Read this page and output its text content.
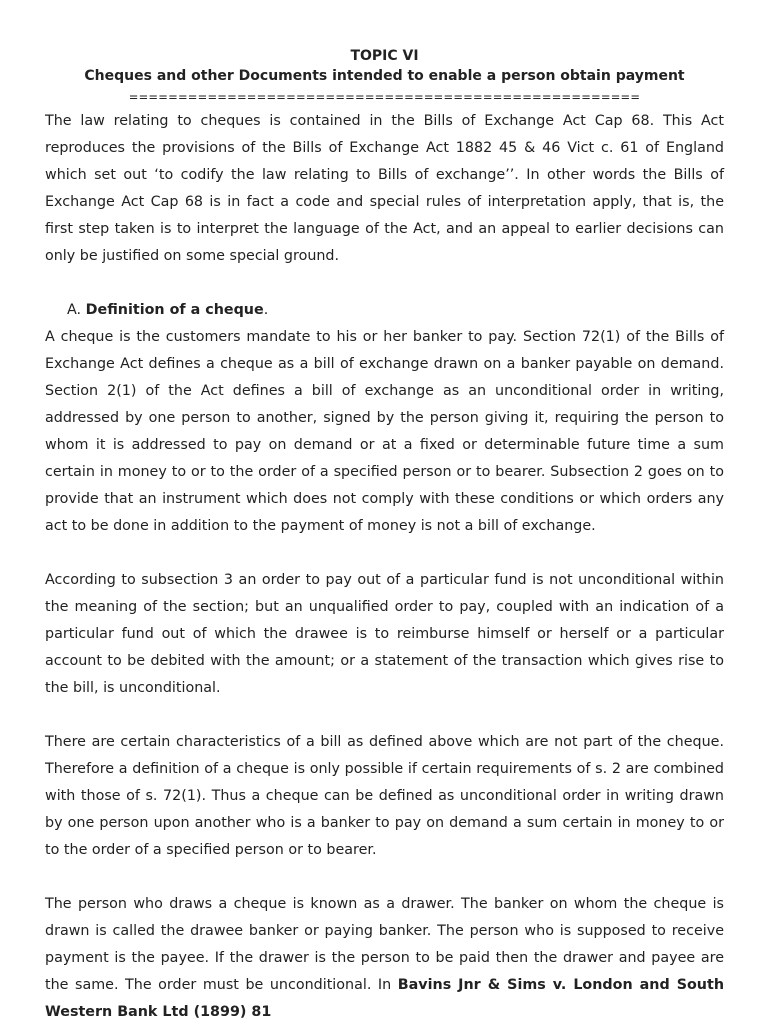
TOPIC VI
Cheques and other Documents intended to enable a person obtain payment
====================================================

The law relating to cheques is contained in the Bills of Exchange Act Cap 68. This Act reproduces the provisions of the Bills of Exchange Act 1882 45 & 46 Vict c. 61 of England which set out ‘to codify the law relating to Bills of exchange’’. In other words the Bills of Exchange Act Cap 68 is in fact a code and special rules of interpretation apply, that is, the first step taken is to interpret the language of the Act, and an appeal to earlier decisions can only be justified on some special ground.

A. Definition of a cheque.

A cheque is the customers mandate to his or her banker to pay. Section 72(1) of the Bills of Exchange Act defines a cheque as a bill of exchange drawn on a banker payable on demand. Section 2(1) of the Act defines a bill of exchange as an unconditional order in writing, addressed by one person to another, signed by the person giving it, requiring the person to whom it is addressed to pay on demand or at a fixed or determinable future time a sum certain in money to or to the order of a specified person or to bearer. Subsection 2 goes on to provide that an instrument which does not comply with these conditions or which orders any act to be done in addition to the payment of money is not a bill of exchange.

According to subsection 3 an order to pay out of a particular fund is not unconditional within the meaning of the section; but an unqualified order to pay, coupled with an indication of a particular fund out of which the drawee is to reimburse himself or herself or a particular account to be debited with the amount; or a statement of the transaction which gives rise to the bill, is unconditional.

There are certain characteristics of a bill as defined above which are not part of the cheque. Therefore a definition of a cheque is only possible if certain requirements of s. 2 are combined with those of s. 72(1). Thus a cheque can be defined as unconditional order in writing drawn by one person upon another who is a banker to pay on demand a sum certain in money to or to the order of a specified person or to bearer.

The person who draws a cheque is known as a drawer. The banker on whom the cheque is drawn is called the drawee banker or paying banker. The person who is supposed to receive payment is the payee. If the drawer is the person to be paid then the drawer and payee are the same. The order must be unconditional. In Bavins Jnr & Sims v. London and South Western Bank Ltd (1899) 81
